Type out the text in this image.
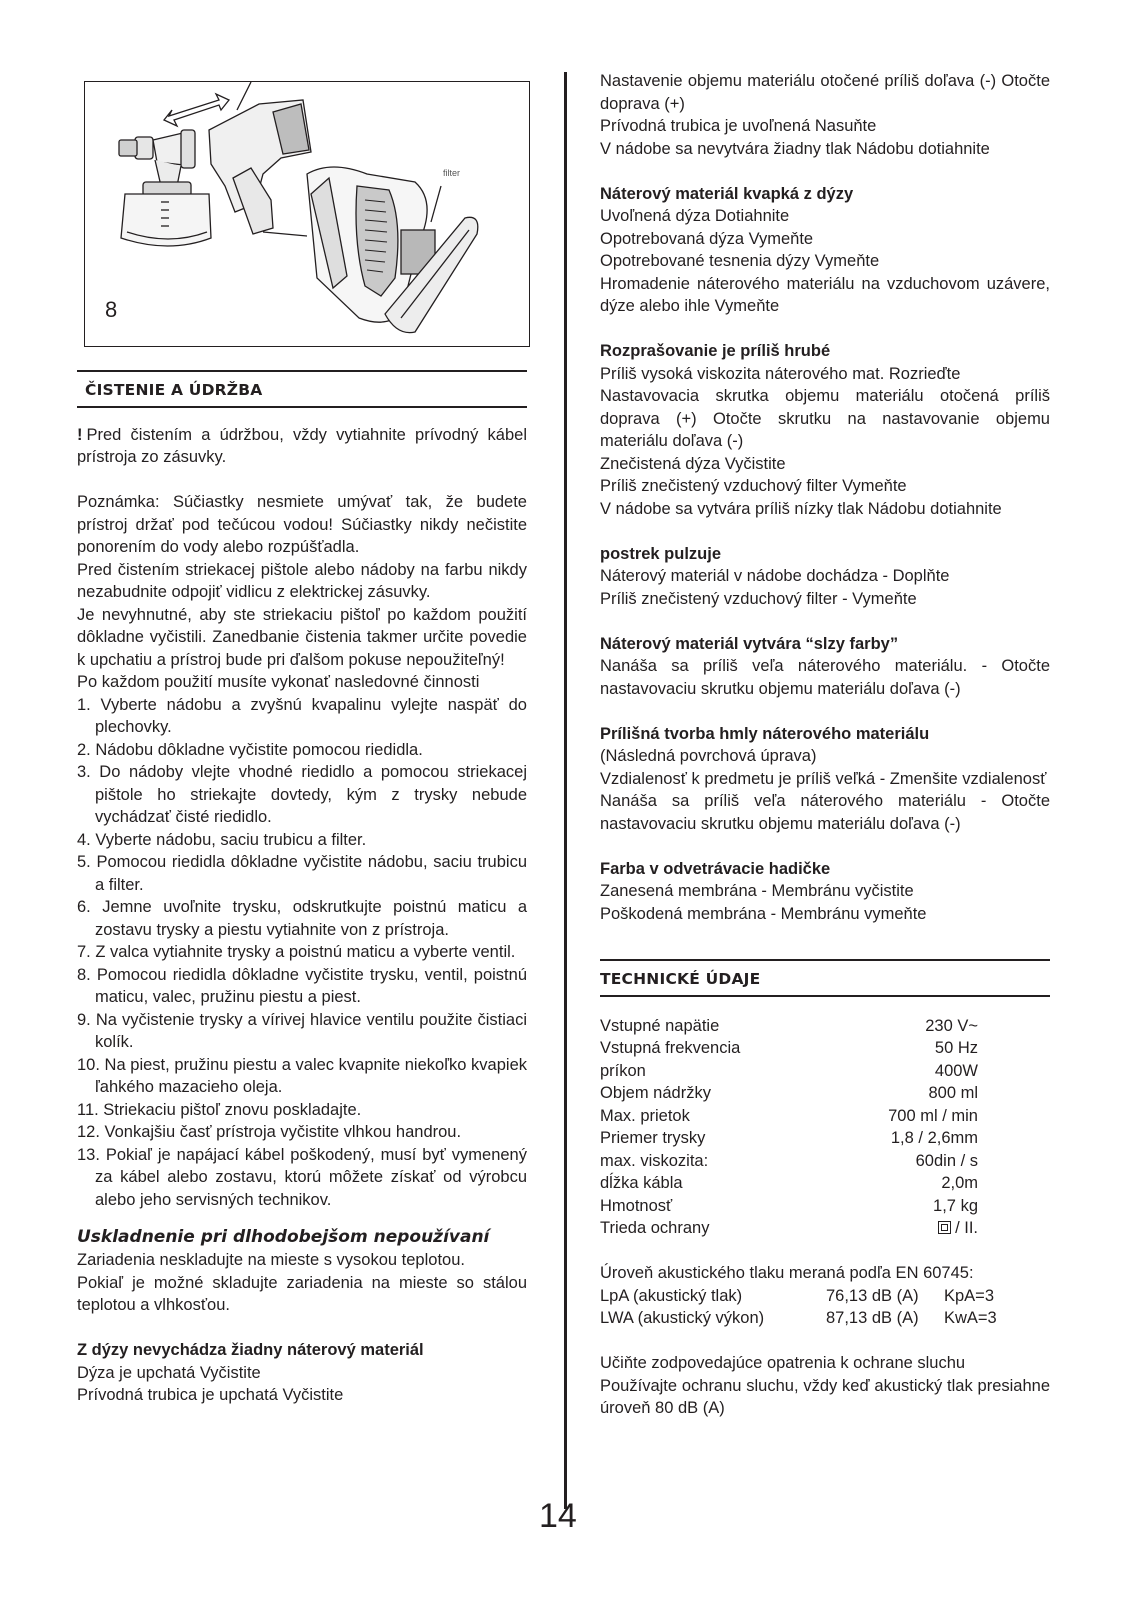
filter
8

ČISTENIE A ÚDRŽBA

! Pred čistením a údržbou, vždy vytiahnite prívodný kábel prístroja zo zásuvky.

Poznámka: Súčiastky nesmiete umývať tak, že budete prístroj držať pod tečúcou vodou! Súčiastky nikdy nečistite ponorením do vody alebo rozpúšťadla.

Pred čistením striekacej pištole alebo nádoby na farbu nikdy nezabudnite odpojiť vidlicu z elektrickej zásuvky.

Je nevyhnutné, aby ste striekaciu pištoľ po každom použití dôkladne vyčistili. Zanedbanie čistenia takmer určite povedie k upchatiu a prístroj bude pri ďalšom pokuse nepoužiteľný!

Po každom použití musíte vykonať nasledovné činnosti

1. Vyberte nádobu a zvyšnú kvapalinu vylejte naspäť do plechovky.

2. Nádobu dôkladne vyčistite pomocou riedidla.

3. Do nádoby vlejte vhodné riedidlo a pomocou striekacej pištole ho striekajte dovtedy, kým z trysky nebude vychádzať čisté riedidlo.

4. Vyberte nádobu, saciu trubicu a filter.

5. Pomocou riedidla dôkladne vyčistite nádobu, saciu trubicu a filter.

6. Jemne uvoľnite trysku, odskrutkujte poistnú maticu a zostavu trysky a piestu vytiahnite von z prístroja.

7. Z valca vytiahnite trysky a poistnú maticu a vyberte ventil.

8. Pomocou riedidla dôkladne vyčistite trysku, ventil, poistnú maticu, valec, pružinu piestu a piest.

9. Na vyčistenie trysky a vírivej hlavice ventilu použite čistiaci kolík.

10. Na piest, pružinu piestu a valec kvapnite niekoľko kvapiek ľahkého mazacieho oleja.

11. Striekaciu pištoľ znovu poskladajte.

12. Vonkajšiu časť prístroja vyčistite vlhkou handrou.

13. Pokiaľ je napájací kábel poškodený, musí byť vymenený za kábel alebo zostavu, ktorú môžete získať od výrobcu alebo jeho servisných technikov.

Uskladnenie pri dlhodobejšom nepoužívaní

Zariadenia neskladujte na mieste s vysokou teplotou.

Pokiaľ je možné skladujte zariadenia na mieste so stálou teplotou a vlhkosťou.

Z dýzy nevychádza žiadny náterový materiál

Dýza je upchatá Vyčistite

Prívodná trubica je upchatá Vyčistite

Nastavenie objemu materiálu otočené príliš doľava (-) Otočte doprava (+)

Prívodná trubica je uvoľnená Nasuňte

V nádobe sa nevytvára žiadny tlak Nádobu dotiahnite

Náterový materiál kvapká z dýzy

Uvoľnená dýza Dotiahnite

Opotrebovaná dýza Vymeňte

Opotrebované tesnenia dýzy Vymeňte

Hromadenie náterového materiálu na vzduchovom uzávere, dýze alebo ihle Vymeňte

Rozprašovanie je príliš hrubé

Príliš vysoká viskozita náterového mat. Rozrieďte

Nastavovacia skrutka objemu materiálu otočená príliš doprava (+) Otočte skrutku na nastavovanie objemu materiálu doľava (-)

Znečistená dýza Vyčistite

Príliš znečistený vzduchový filter Vymeňte

V nádobe sa vytvára príliš nízky tlak Nádobu dotiahnite

postrek pulzuje

Náterový materiál v nádobe dochádza - Doplňte

Príliš znečistený vzduchový filter - Vymeňte

Náterový materiál vytvára “slzy farby”

Nanáša sa príliš veľa náterového materiálu. - Otočte nastavovaciu skrutku objemu materiálu doľava (-)

Prílišná tvorba hmly náterového materiálu

(Následná povrchová úprava)

Vzdialenosť k predmetu je príliš veľká - Zmenšite vzdialenosť

Nanáša sa príliš veľa náterového materiálu - Otočte nastavovaciu skrutku objemu materiálu doľava (-)

Farba v odvetrávacie hadičke

Zanesená membrána - Membránu vyčistite

Poškodená membrána - Membránu vymeňte

TECHNICKÉ ÚDAJE

Vstupné napätie	230 V~
Vstupná frekvencia	50 Hz
príkon	400W
Objem nádržky	800 ml
Max. prietok	700 ml / min
Priemer trysky	1,8 / 2,6mm
max. viskozita:	60din / s
dĺžka kábla	2,0m
Hmotnosť	1,7 kg
Trieda ochrany	/ II.

Úroveň akustického tlaku meraná podľa EN 60745:

LpA (akustický tlak)	76,13 dB (A)	KpA=3
LWA (akustický výkon)	87,13 dB (A)	KwA=3

Učiňte zodpovedajúce opatrenia k ochrane sluchu

Používajte ochranu sluchu, vždy keď akustický tlak presiahne úroveň 80 dB (A)

14
